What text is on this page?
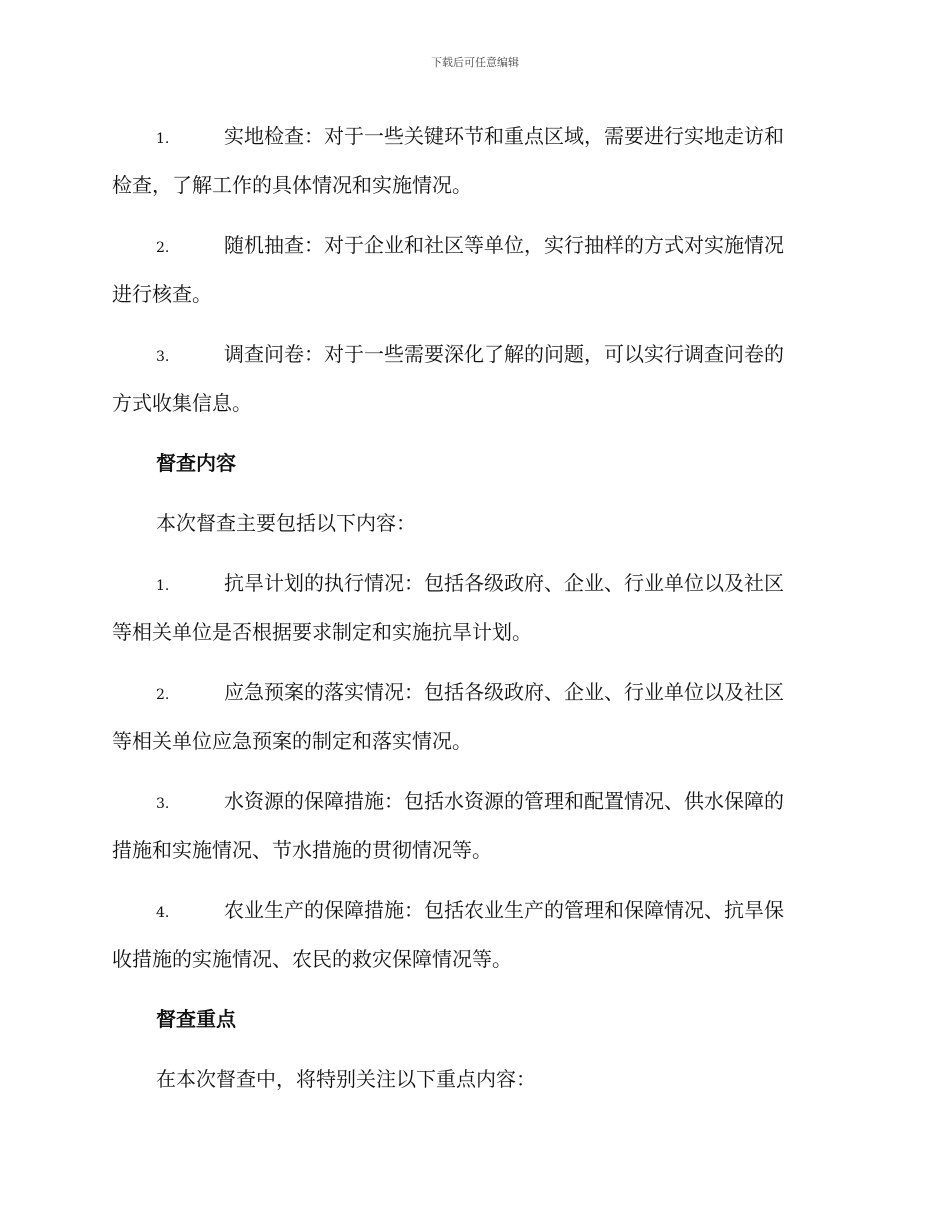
下载后可任意编辑
1.	实地检查：对于一些关键环节和重点区域，需要进行实地走访和
检查，了解工作的具体情况和实施情况。
2.	随机抽查：对于企业和社区等单位，实行抽样的方式对实施情况
进行核查。
3.	调查问卷：对于一些需要深化了解的问题，可以实行调查问卷的
方式收集信息。
督查内容
本次督查主要包括以下内容：
1.	抗旱计划的执行情况：包括各级政府、企业、行业单位以及社区
等相关单位是否根据要求制定和实施抗旱计划。
2.	应急预案的落实情况：包括各级政府、企业、行业单位以及社区
等相关单位应急预案的制定和落实情况。
3.	水资源的保障措施：包括水资源的管理和配置情况、供水保障的
措施和实施情况、节水措施的贯彻情况等。
4.	农业生产的保障措施：包括农业生产的管理和保障情况、抗旱保
收措施的实施情况、农民的救灾保障情况等。
督查重点
在本次督查中，将特别关注以下重点内容：
